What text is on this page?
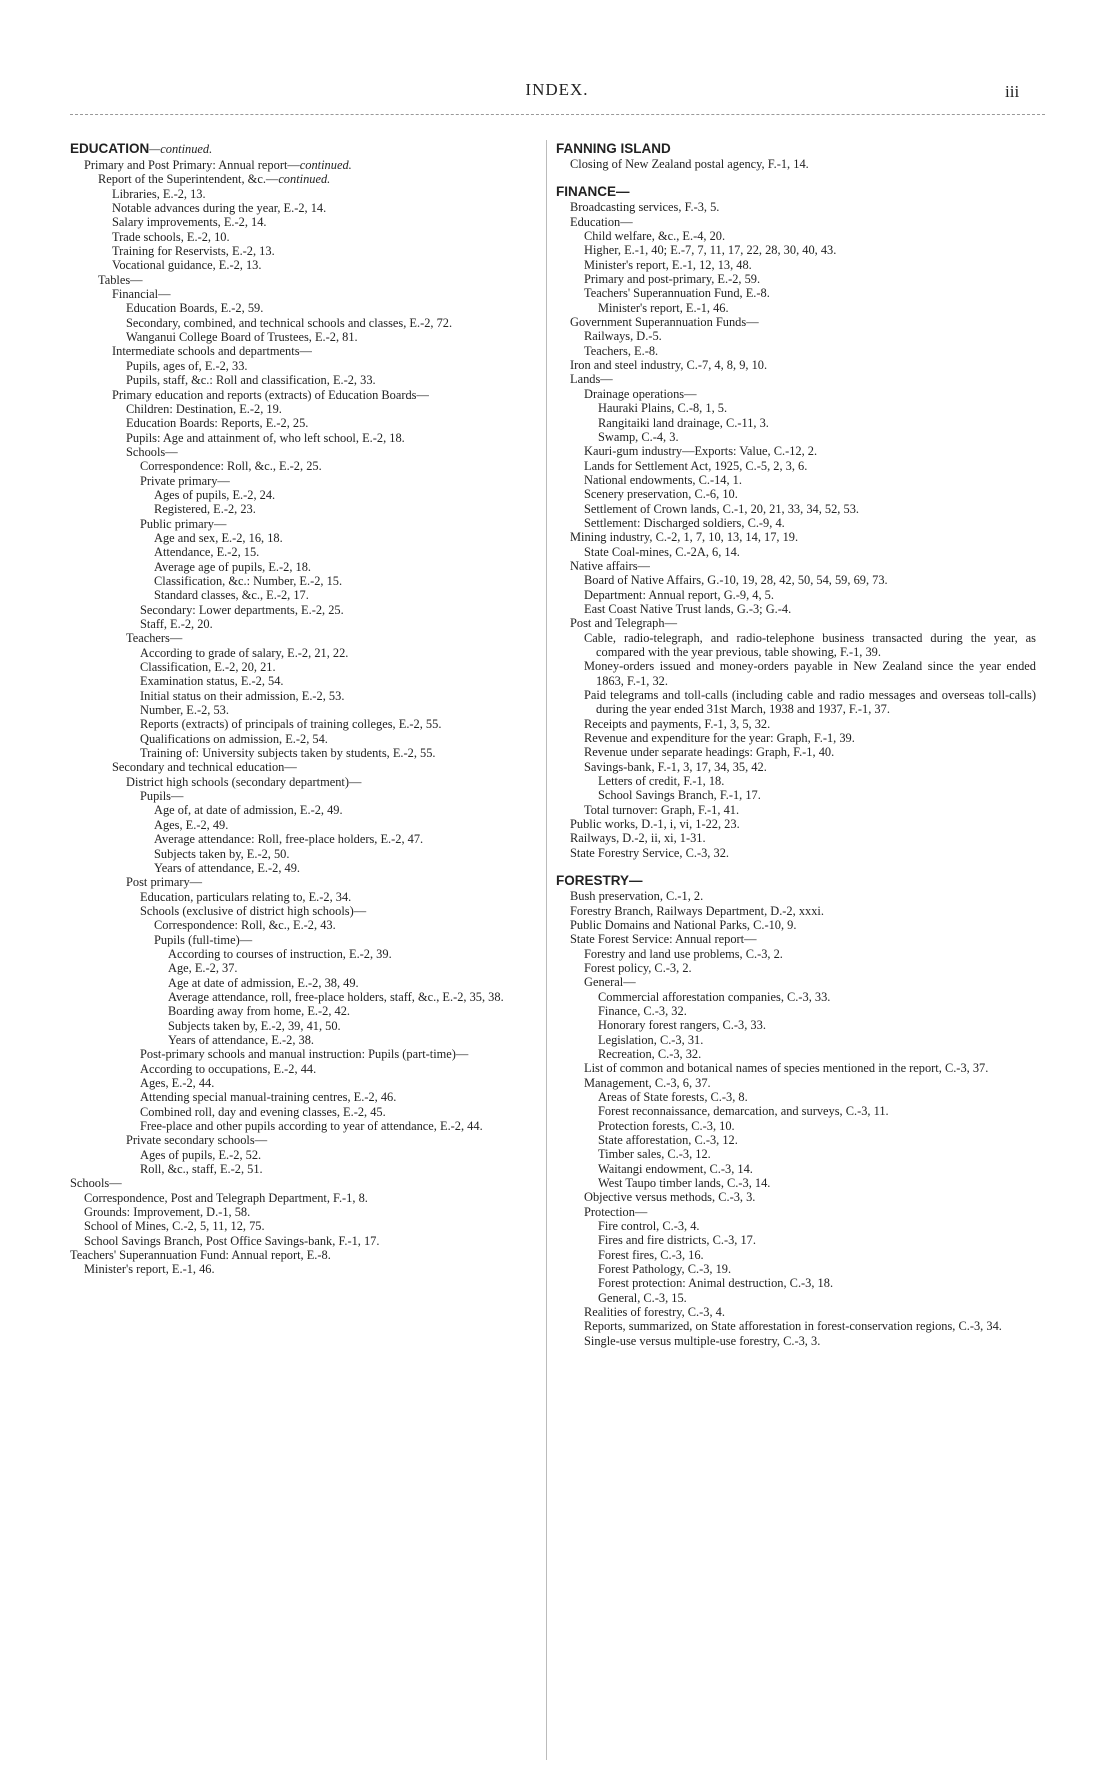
INDEX.	iii

EDUCATION—continued.

Primary and Post Primary: Annual report—continued.

Report of the Superintendent, &c.—continued.

Libraries, E.-2, 13.

Notable advances during the year, E.-2, 14.

Salary improvements, E.-2, 14.

Trade schools, E.-2, 10.

Training for Reservists, E.-2, 13.

Vocational guidance, E.-2, 13.

Tables—

Financial—

Education Boards, E.-2, 59.

Secondary, combined, and technical schools and classes, E.-2, 72.

Wanganui College Board of Trustees, E.-2, 81.

Intermediate schools and departments—

Pupils, ages of, E.-2, 33.

Pupils, staff, &c.: Roll and classification, E.-2, 33.

Primary education and reports (extracts) of Education Boards—

Children: Destination, E.-2, 19.

Education Boards: Reports, E.-2, 25.

Pupils: Age and attainment of, who left school, E.-2, 18.

Schools—

Correspondence: Roll, &c., E.-2, 25.

Private primary—

Ages of pupils, E.-2, 24.

Registered, E.-2, 23.

Public primary—

Age and sex, E.-2, 16, 18.

Attendance, E.-2, 15.

Average age of pupils, E.-2, 18.

Classification, &c.: Number, E.-2, 15.

Standard classes, &c., E.-2, 17.

Secondary: Lower departments, E.-2, 25.

Staff, E.-2, 20.

Teachers—

According to grade of salary, E.-2, 21, 22.

Classification, E.-2, 20, 21.

Examination status, E.-2, 54.

Initial status on their admission, E.-2, 53.

Number, E.-2, 53.

Reports (extracts) of principals of training colleges, E.-2, 55.

Qualifications on admission, E.-2, 54.

Training of: University subjects taken by students, E.-2, 55.

Secondary and technical education—

District high schools (secondary department)—

Pupils—

Age of, at date of admission, E.-2, 49.

Ages, E.-2, 49.

Average attendance: Roll, free-place holders, E.-2, 47.

Subjects taken by, E.-2, 50.

Years of attendance, E.-2, 49.

Post primary—

Education, particulars relating to, E.-2, 34.

Schools (exclusive of district high schools)—

Correspondence: Roll, &c., E.-2, 43.

Pupils (full-time)—

According to courses of instruction, E.-2, 39.

Age, E.-2, 37.

Age at date of admission, E.-2, 38, 49.

Average attendance, roll, free-place holders, staff, &c., E.-2, 35, 38.

Boarding away from home, E.-2, 42.

Subjects taken by, E.-2, 39, 41, 50.

Years of attendance, E.-2, 38.

Post-primary schools and manual instruction: Pupils (part-time)—

According to occupations, E.-2, 44.

Ages, E.-2, 44.

Attending special manual-training centres, E.-2, 46.

Combined roll, day and evening classes, E.-2, 45.

Free-place and other pupils according to year of attendance, E.-2, 44.

Private secondary schools—

Ages of pupils, E.-2, 52.

Roll, &c., staff, E.-2, 51.

Schools—

Correspondence, Post and Telegraph Department, F.-1, 8.

Grounds: Improvement, D.-1, 58.

School of Mines, C.-2, 5, 11, 12, 75.

School Savings Branch, Post Office Savings-bank, F.-1, 17.

Teachers' Superannuation Fund: Annual report, E.-8.

Minister's report, E.-1, 46.

FANNING ISLAND

Closing of New Zealand postal agency, F.-1, 14.

FINANCE—

Broadcasting services, F.-3, 5.

Education—

Child welfare, &c., E.-4, 20.

Higher, E.-1, 40; E.-7, 7, 11, 17, 22, 28, 30, 40, 43.

Minister's report, E.-1, 12, 13, 48.

Primary and post-primary, E.-2, 59.

Teachers' Superannuation Fund, E.-8.

Minister's report, E.-1, 46.

Government Superannuation Funds—

Railways, D.-5.

Teachers, E.-8.

Iron and steel industry, C.-7, 4, 8, 9, 10.

Lands—

Drainage operations—

Hauraki Plains, C.-8, 1, 5.

Rangitaiki land drainage, C.-11, 3.

Swamp, C.-4, 3.

Kauri-gum industry—Exports: Value, C.-12, 2.

Lands for Settlement Act, 1925, C.-5, 2, 3, 6.

National endowments, C.-14, 1.

Scenery preservation, C.-6, 10.

Settlement of Crown lands, C.-1, 20, 21, 33, 34, 52, 53.

Settlement: Discharged soldiers, C.-9, 4.

Mining industry, C.-2, 1, 7, 10, 13, 14, 17, 19.

State Coal-mines, C.-2A, 6, 14.

Native affairs—

Board of Native Affairs, G.-10, 19, 28, 42, 50, 54, 59, 69, 73.

Department: Annual report, G.-9, 4, 5.

East Coast Native Trust lands, G.-3; G.-4.

Post and Telegraph—

Cable, radio-telegraph, and radio-telephone business transacted during the year, as compared with the year previous, table showing, F.-1, 39.

Money-orders issued and money-orders payable in New Zealand since the year ended 1863, F.-1, 32.

Paid telegrams and toll-calls (including cable and radio messages and overseas toll-calls) during the year ended 31st March, 1938 and 1937, F.-1, 37.

Receipts and payments, F.-1, 3, 5, 32.

Revenue and expenditure for the year: Graph, F.-1, 39.

Revenue under separate headings: Graph, F.-1, 40.

Savings-bank, F.-1, 3, 17, 34, 35, 42.

Letters of credit, F.-1, 18.

School Savings Branch, F.-1, 17.

Total turnover: Graph, F.-1, 41.

Public works, D.-1, i, vi, 1-22, 23.

Railways, D.-2, ii, xi, 1-31.

State Forestry Service, C.-3, 32.

FORESTRY—

Bush preservation, C.-1, 2.

Forestry Branch, Railways Department, D.-2, xxxi.

Public Domains and National Parks, C.-10, 9.

State Forest Service: Annual report—

Forestry and land use problems, C.-3, 2.

Forest policy, C.-3, 2.

General—

Commercial afforestation companies, C.-3, 33.

Finance, C.-3, 32.

Honorary forest rangers, C.-3, 33.

Legislation, C.-3, 31.

Recreation, C.-3, 32.

List of common and botanical names of species mentioned in the report, C.-3, 37.

Management, C.-3, 6, 37.

Areas of State forests, C.-3, 8.

Forest reconnaissance, demarcation, and surveys, C.-3, 11.

Protection forests, C.-3, 10.

State afforestation, C.-3, 12.

Timber sales, C.-3, 12.

Waitangi endowment, C.-3, 14.

West Taupo timber lands, C.-3, 14.

Objective versus methods, C.-3, 3.

Protection—

Fire control, C.-3, 4.

Fires and fire districts, C.-3, 17.

Forest fires, C.-3, 16.

Forest Pathology, C.-3, 19.

Forest protection: Animal destruction, C.-3, 18.

General, C.-3, 15.

Realities of forestry, C.-3, 4.

Reports, summarized, on State afforestation in forest-conservation regions, C.-3, 34.

Single-use versus multiple-use forestry, C.-3, 3.
